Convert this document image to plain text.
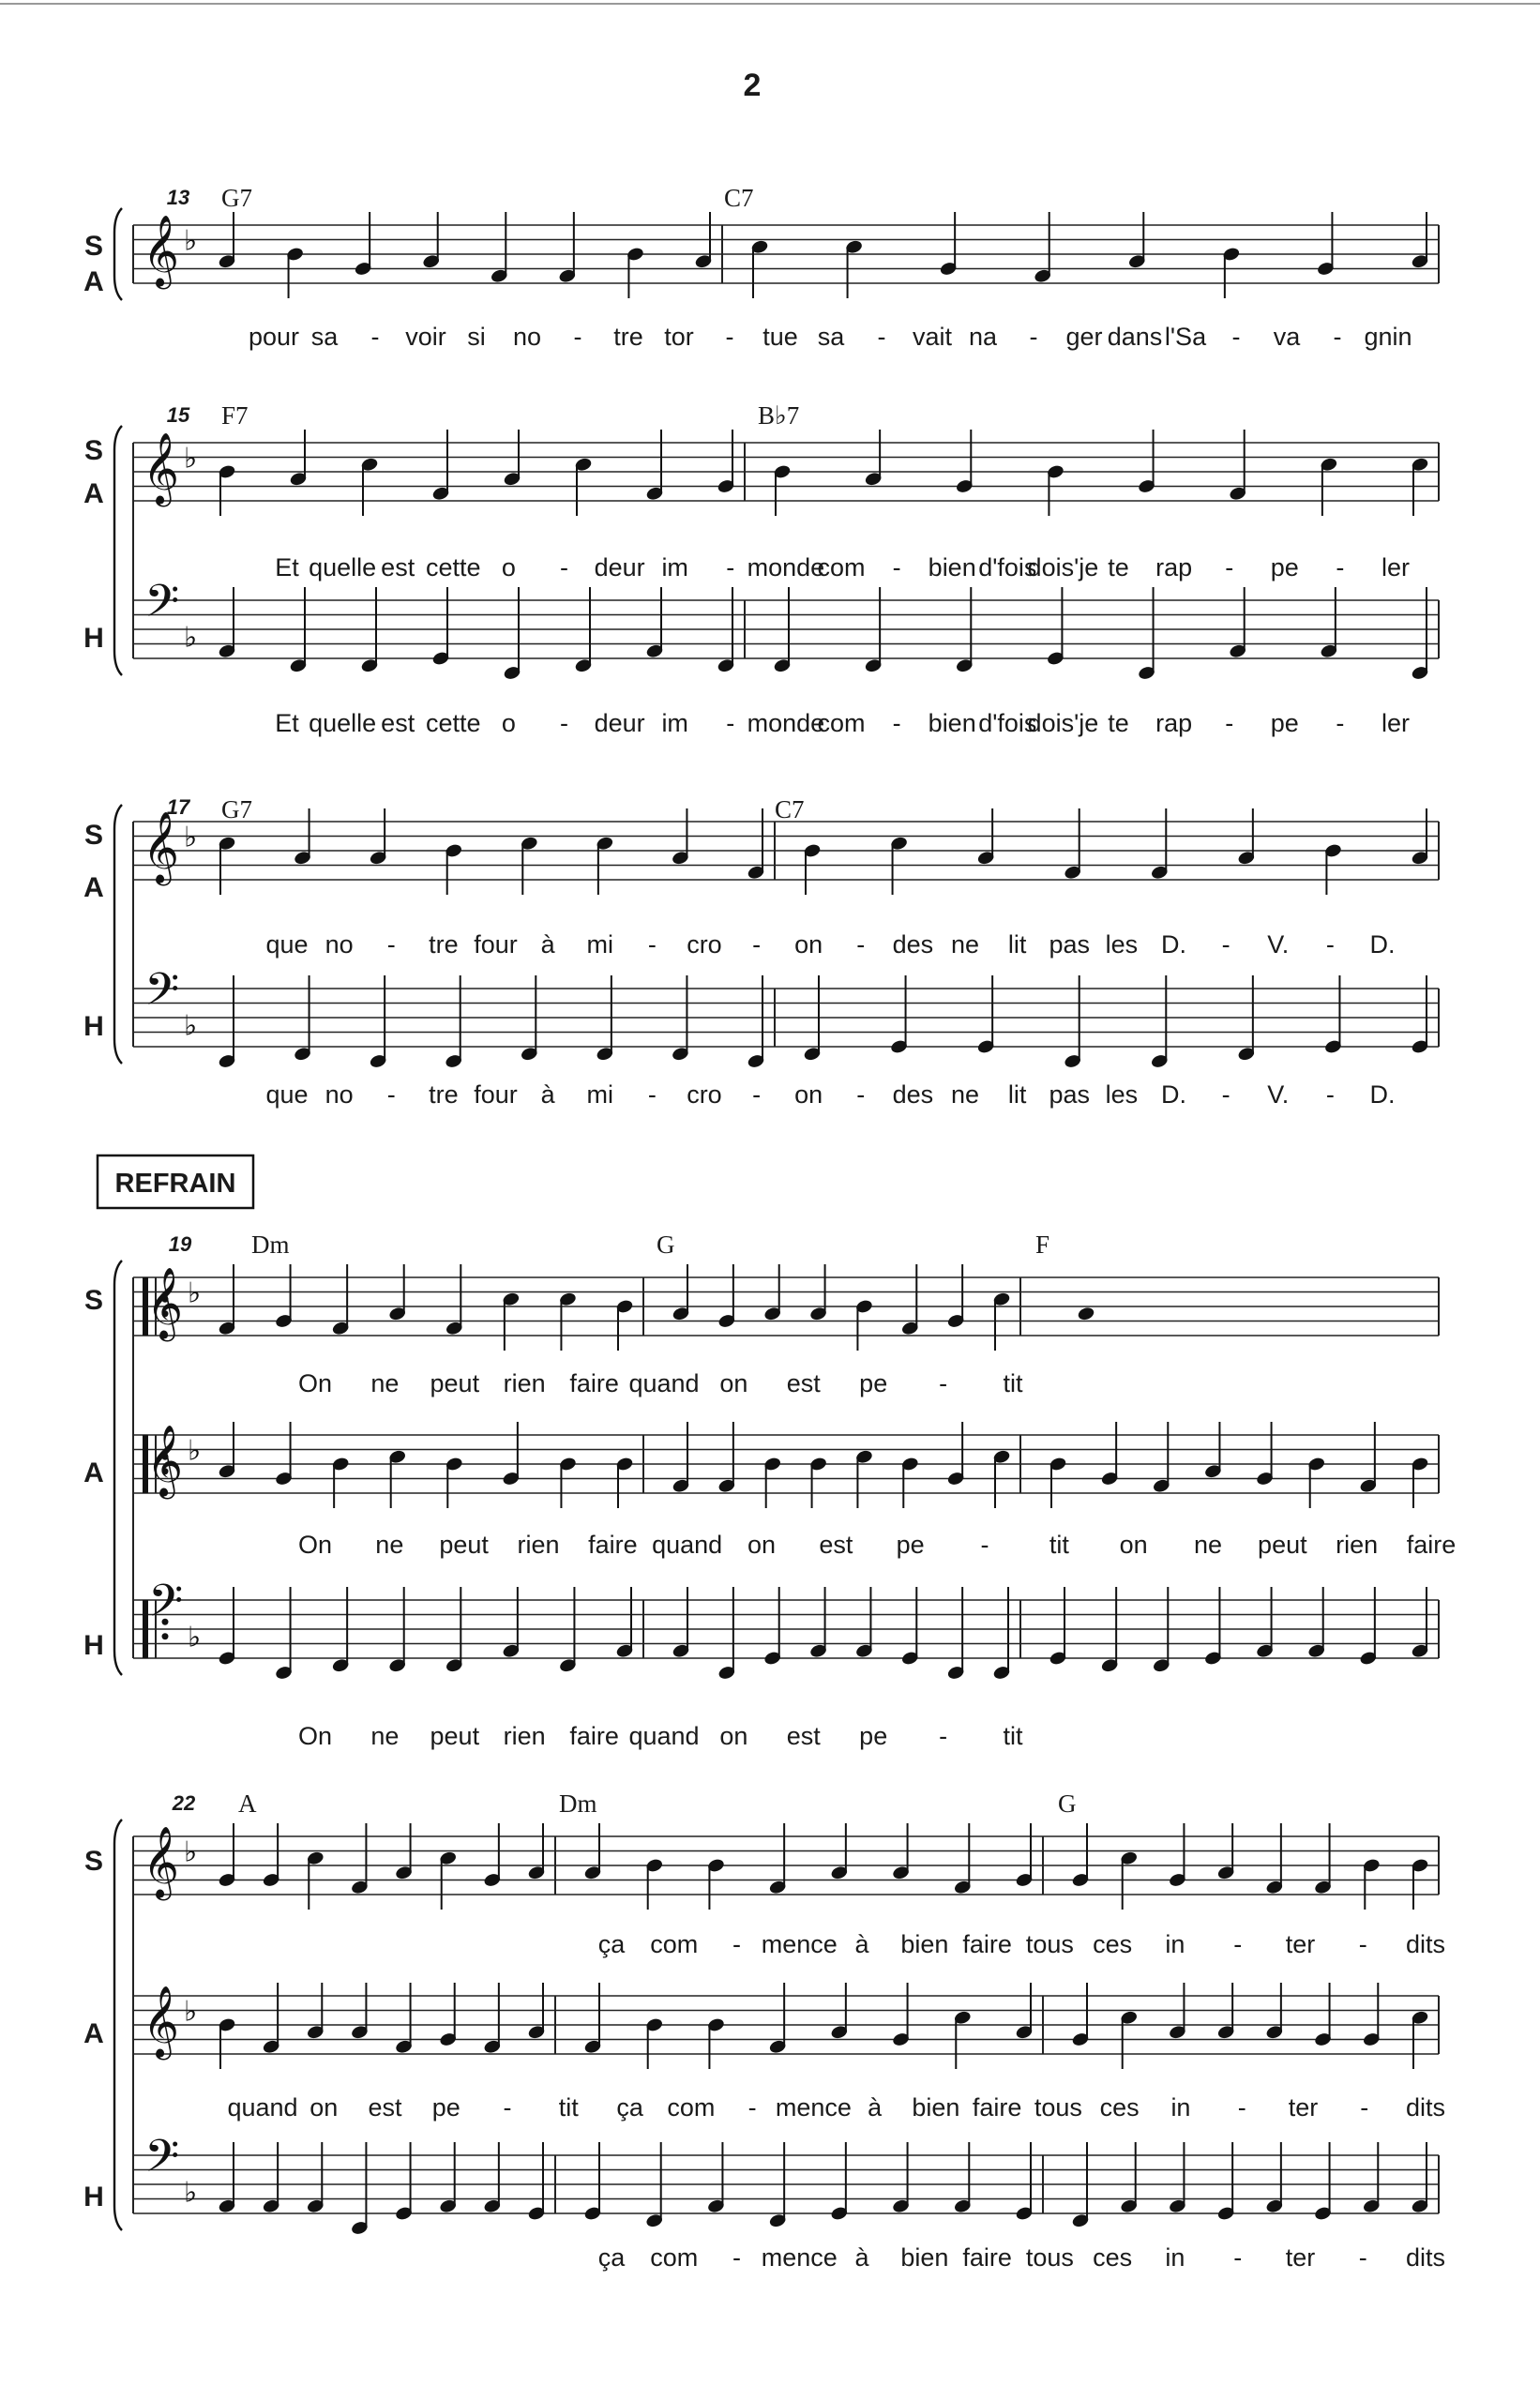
2
𝄞 ♭
𝄞 ♭
𝄢 ♭
𝄞 ♭
𝄢 ♭
𝄞 ♭
𝄞 ♭
𝄢 ♭
𝄞 ♭
𝄞 ♭
𝄢 ♭
13 G7	C7
S
A
pour sa - voir si no - tre tor - tue sa - vait na - ger dans l'Sa - va - gnin
15 F7	B♭7
S
A
Et quelle est cette o - deur im - monde
com - bien d'fois
dois'je te rap - pe - ler
H
Et quelle est cette o - deur im - monde
com - bien d'fois
dois'je te rap - pe - ler
17 G7	C7
S
A
que no - tre four à mi - cro - on - des ne lit pas les D. - V. - D.
H
que no - tre four à mi - cro - on - des ne lit pas les D. - V. - D.
19 Dm	G	F
S
On ne peut rien faire quand on est pe - tit
A
On ne peut rien faire quand on est pe - tit on ne peut rien faire
H
On ne peut rien faire quand on est pe - tit
22 A	Dm	G
S
ça com - mence à bien faire tous ces in - ter - dits
A
quand on est pe - tit ça com - mence à bien faire tous ces in - ter - dits
H
ça com - mence à bien faire tous ces in - ter - dits
REFRAIN
